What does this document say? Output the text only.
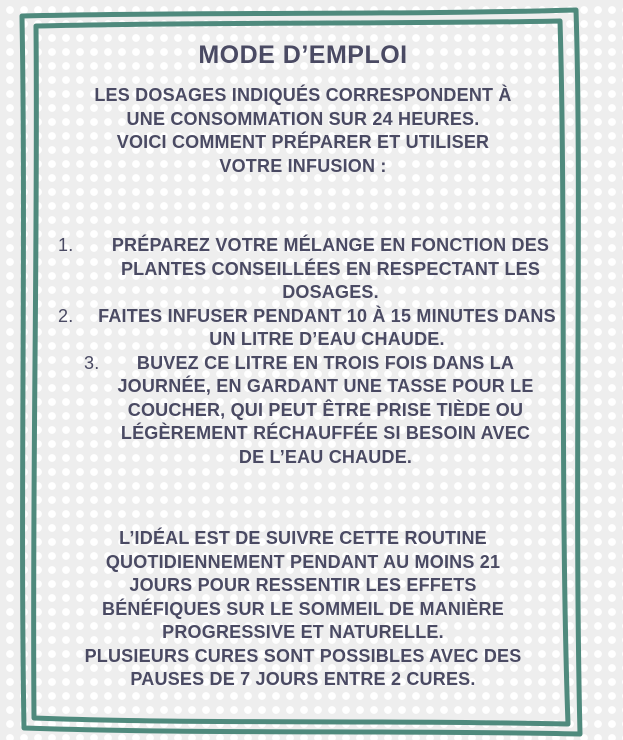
MODE D’EMPLOI

LES DOSAGES INDIQUÉS CORRESPONDENT À
UNE CONSOMMATION SUR 24 HEURES.
VOICI COMMENT PRÉPARER ET UTILISER
VOTRE INFUSION :

1.	PRÉPAREZ VOTRE MÉLANGE EN FONCTION DES PLANTES CONSEILLÉES EN RESPECTANT LES DOSAGES.
2.	FAITES INFUSER PENDANT 10 À 15 MINUTES DANS UN LITRE D’EAU CHAUDE.
3.	BUVEZ CE LITRE EN TROIS FOIS DANS LA JOURNÉE, EN GARDANT UNE TASSE POUR LE COUCHER, QUI PEUT ÊTRE PRISE TIÈDE OU LÉGÈREMENT RÉCHAUFFÉE SI BESOIN AVEC DE L’EAU CHAUDE.

L’IDÉAL EST DE SUIVRE CETTE ROUTINE
QUOTIDIENNEMENT PENDANT AU MOINS 21
JOURS POUR RESSENTIR LES EFFETS
BÉNÉFIQUES SUR LE SOMMEIL DE MANIÈRE
PROGRESSIVE ET NATURELLE.
PLUSIEURS CURES SONT POSSIBLES AVEC DES
PAUSES DE 7 JOURS ENTRE 2 CURES.
